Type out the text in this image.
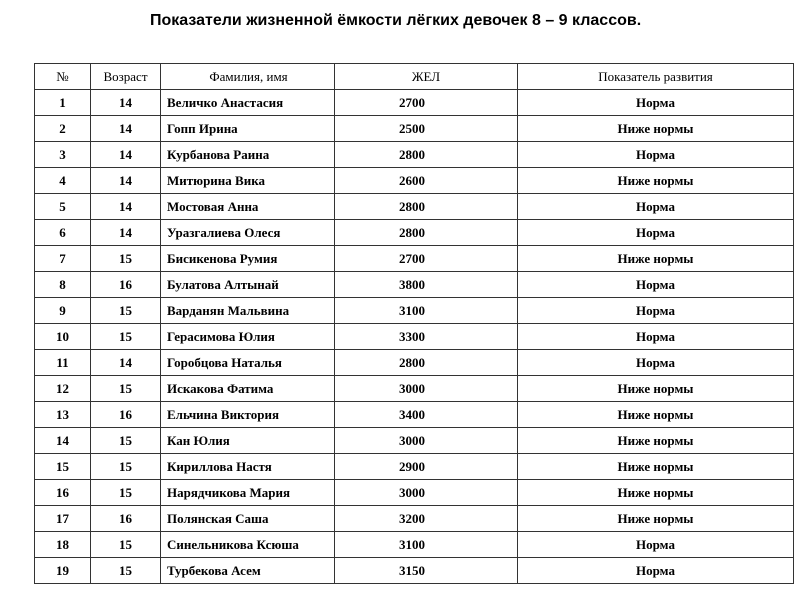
Показатели жизненной ёмкости лёгких девочек 8 – 9 классов.
№	Возраст	Фамилия, имя	ЖЕЛ	Показатель развития
1	14	Величко Анастасия	2700	Норма
2	14	Гопп Ирина	2500	Ниже нормы
3	14	Курбанова Раина	2800	Норма
4	14	Митюрина Вика	2600	Ниже нормы
5	14	Мостовая Анна	2800	Норма
6	14	Уразгалиева Олеся	2800	Норма
7	15	Бисикенова Румия	2700	Ниже нормы
8	16	Булатова Алтынай	3800	Норма
9	15	Варданян Мальвина	3100	Норма
10	15	Герасимова Юлия	3300	Норма
11	14	Горобцова Наталья	2800	Норма
12	15	Искакова Фатима	3000	Ниже нормы
13	16	Ельчина Виктория	3400	Ниже нормы
14	15	Кан Юлия	3000	Ниже нормы
15	15	Кириллова Настя	2900	Ниже нормы
16	15	Нарядчикова Мария	3000	Ниже нормы
17	16	Полянская Саша	3200	Ниже нормы
18	15	Синельникова Ксюша	3100	Норма
19	15	Турбекова Асем	3150	Норма
